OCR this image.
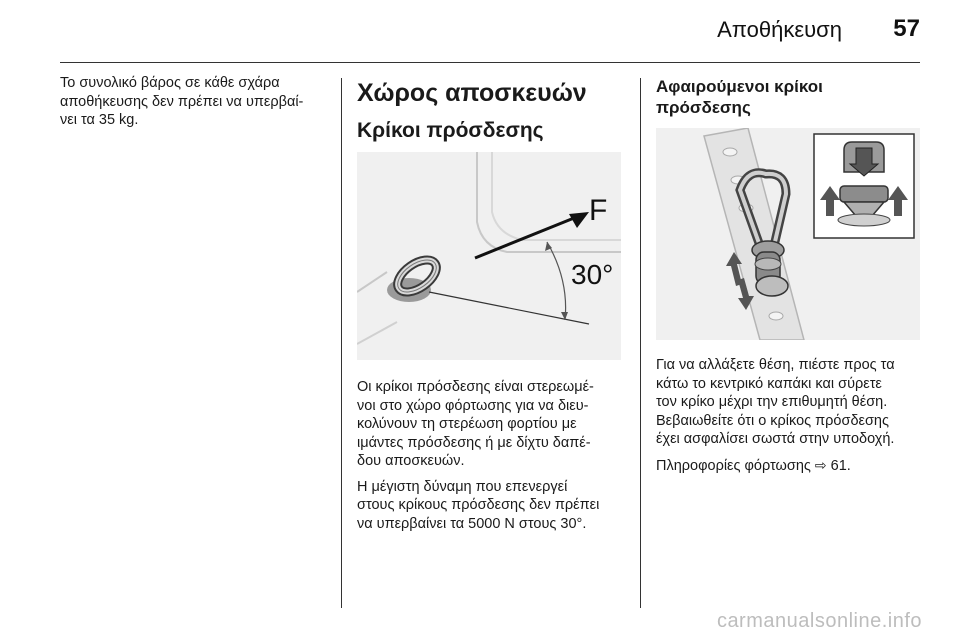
Αποθήκευση 57

Το συνολικό βάρος σε κάθε σχάρα
αποθήκευσης δεν πρέπει να υπερβαί-
νει τα 35 kg.

Χώρος αποσκευών
Κρίκοι πρόσδεσης
F
30°

Οι κρίκοι πρόσδεσης είναι στερεωμέ-
νοι στο χώρο φόρτωσης για να διευ-
κολύνουν τη στερέωση φορτίου με
ιμάντες πρόσδεσης ή με δίχτυ δαπέ-
δου αποσκευών.

Η μέγιστη δύναμη που επενεργεί
στους κρίκους πρόσδεσης δεν πρέπει
να υπερβαίνει τα 5000 N στους 30°.

Αφαιρούμενοι κρίκοι
πρόσδεσης

Για να αλλάξετε θέση, πιέστε προς τα
κάτω το κεντρικό καπάκι και σύρετε
τον κρίκο μέχρι την επιθυμητή θέση.
Βεβαιωθείτε ότι ο κρίκος πρόσδεσης
έχει ασφαλίσει σωστά στην υποδοχή.

Πληροφορίες φόρτωσης ⇨ 61.

carmanualsonline.info
